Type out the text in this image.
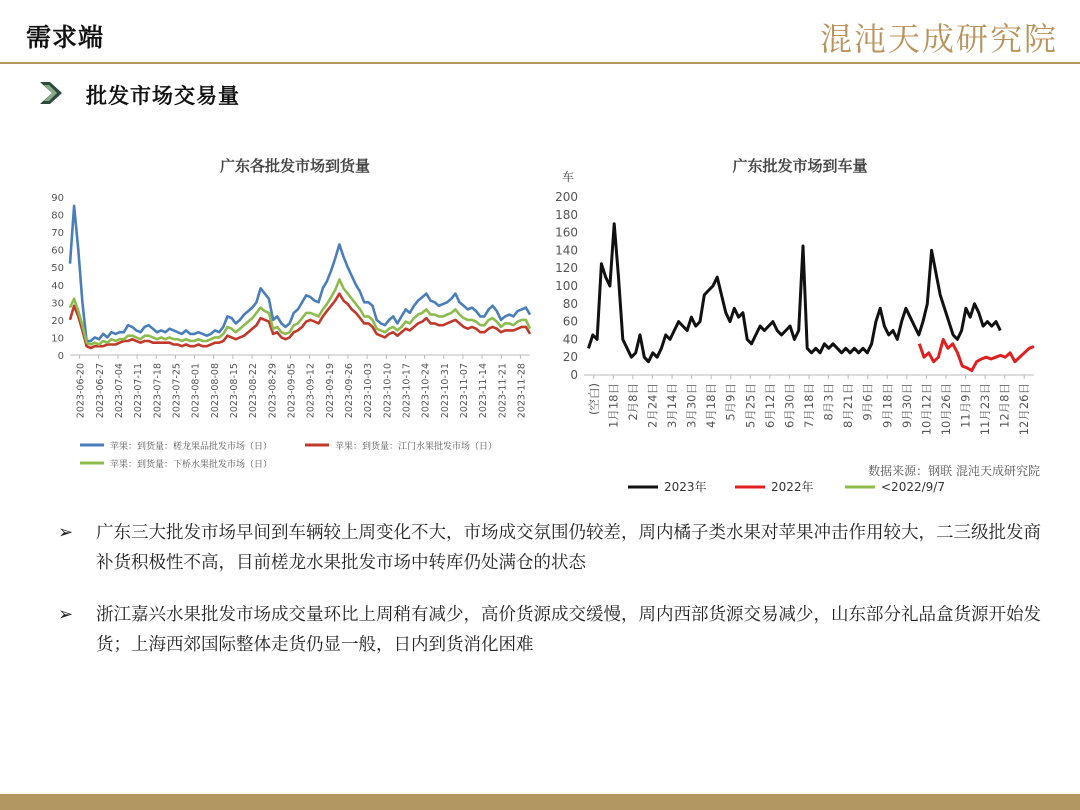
需求端	混沌天成研究院
批发市场交易量
广东各批发市场到货量
0
10
20
30
40
50
60
70
80
90
2023-06-20 2023-06-27 2023-07-04 2023-07-11 2023-07-18 2023-07-25 2023-08-01 2023-08-08 2023-08-15 2023-08-22 2023-08-29 2023-09-05 2023-09-12 2023-09-19 2023-09-26 2023-10-03 2023-10-10 2023-10-17 2023-10-24 2023-10-31 2023-11-07 2023-11-14 2023-11-21 2023-11-28
苹果：到货量：槎龙果品批发市场（日）	苹果：到货量：江门水果批发市场（日）
苹果：到货量：下桥水果批发市场（日）
广东批发市场到车量
车
0
20
40
60
80
100
120
140
160
180
200
(空白) 1月18日 2月8日 2月24日 3月14日 3月30日 4月18日 5月9日 5月25日 6月12日 6月30日 7月18日 8月3日 8月21日 9月6日 9月18日 9月30日 10月12日 10月26日 11月9日 11月23日 12月8日 12月26日
数据来源：钢联 混沌天成研究院
2023年	2022年	<2022/9/7
➢ 广东三大批发市场早间到车辆较上周变化不大，市场成交氛围仍较差，周内橘子类水果对苹果冲击作用较大，二三级批发商补货积极性不高，目前槎龙水果批发市场中转库仍处满仓的状态
➢ 浙江嘉兴水果批发市场成交量环比上周稍有减少，高价货源成交缓慢，周内西部货源交易减少，山东部分礼品盒货源开始发货；上海西郊国际整体走货仍显一般，日内到货消化困难
